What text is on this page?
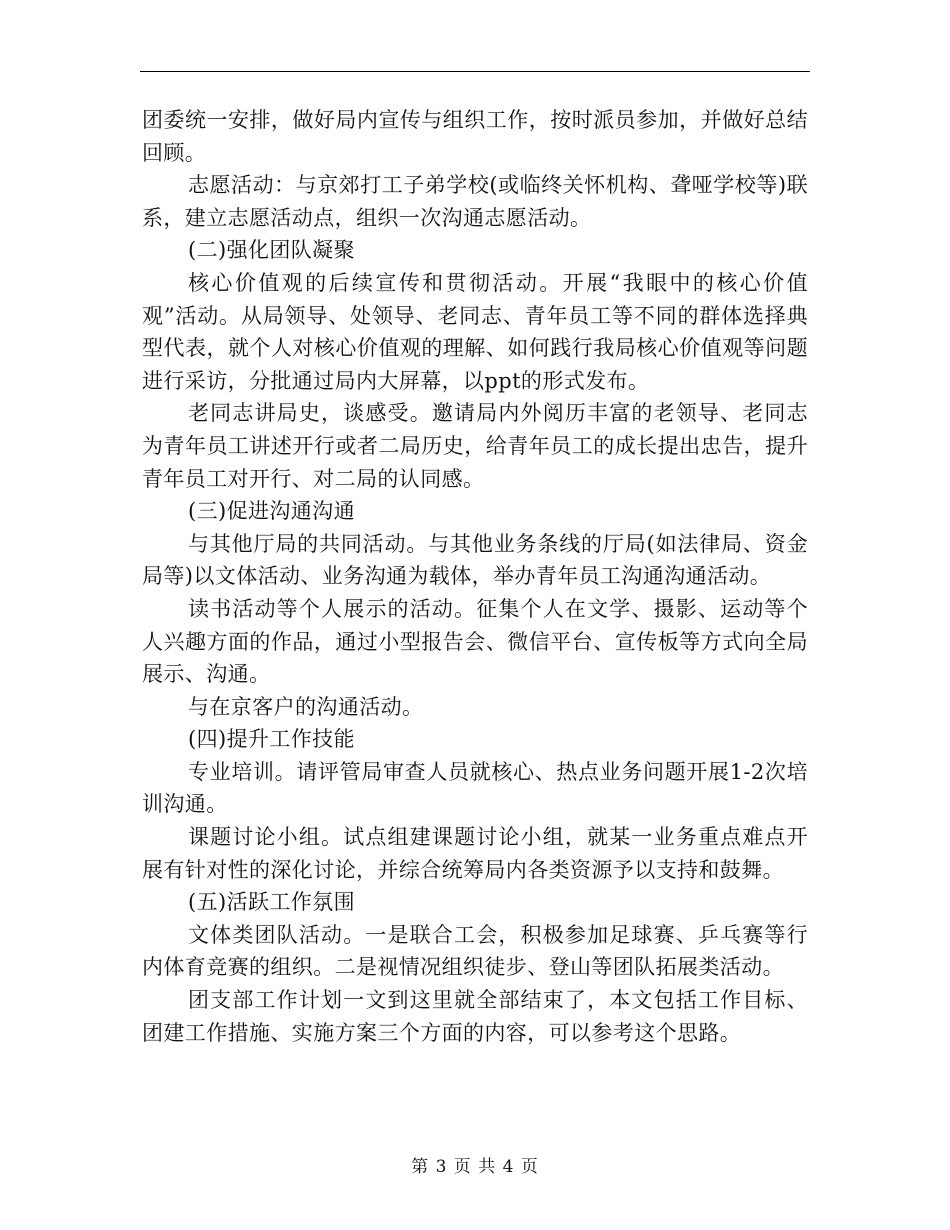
团委统一安排，做好局内宣传与组织工作，按时派员参加，并做好总结回顾。

志愿活动：与京郊打工子弟学校(或临终关怀机构、聋哑学校等)联系，建立志愿活动点，组织一次沟通志愿活动。

(二)强化团队凝聚

核心价值观的后续宣传和贯彻活动。开展“我眼中的核心价值观”活动。从局领导、处领导、老同志、青年员工等不同的群体选择典型代表，就个人对核心价值观的理解、如何践行我局核心价值观等问题进行采访，分批通过局内大屏幕，以ppt的形式发布。

老同志讲局史，谈感受。邀请局内外阅历丰富的老领导、老同志为青年员工讲述开行或者二局历史，给青年员工的成长提出忠告，提升青年员工对开行、对二局的认同感。

(三)促进沟通沟通

与其他厅局的共同活动。与其他业务条线的厅局(如法律局、资金局等)以文体活动、业务沟通为载体，举办青年员工沟通沟通活动。

读书活动等个人展示的活动。征集个人在文学、摄影、运动等个人兴趣方面的作品，通过小型报告会、微信平台、宣传板等方式向全局展示、沟通。

与在京客户的沟通活动。

(四)提升工作技能

专业培训。请评管局审查人员就核心、热点业务问题开展1-2次培训沟通。

课题讨论小组。试点组建课题讨论小组，就某一业务重点难点开展有针对性的深化讨论，并综合统筹局内各类资源予以支持和鼓舞。

(五)活跃工作氛围

文体类团队活动。一是联合工会，积极参加足球赛、乒乓赛等行内体育竞赛的组织。二是视情况组织徒步、登山等团队拓展类活动。

团支部工作计划一文到这里就全部结束了，本文包括工作目标、团建工作措施、实施方案三个方面的内容，可以参考这个思路。

第 3 页 共 4 页
